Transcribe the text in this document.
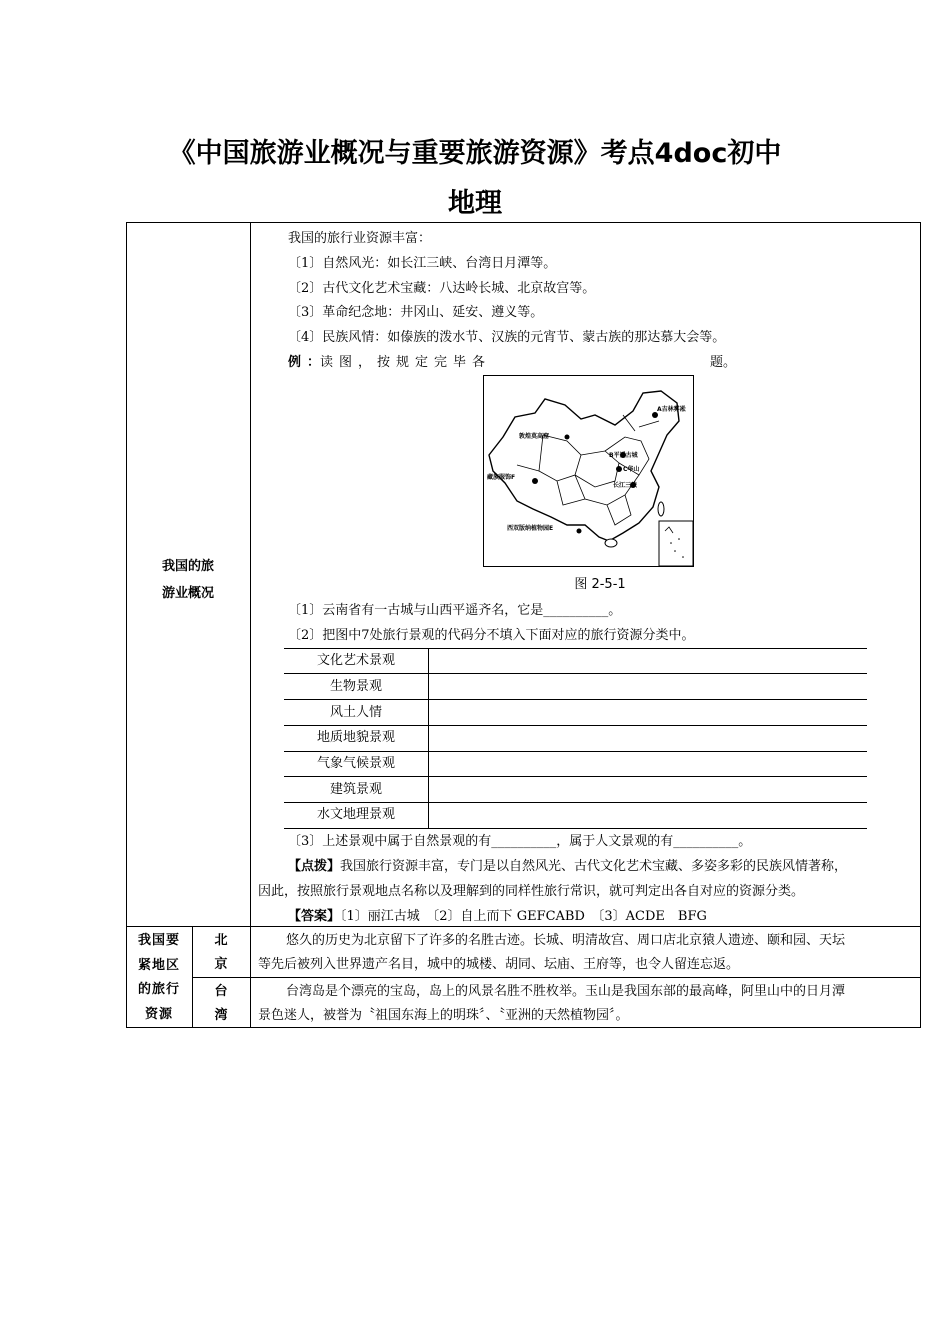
《中国旅游业概况与重要旅游资源》考点4doc初中
地理
我国的旅
游业概况
我国的旅行业资源丰富：
〔1〕自然风光：如长江三峡、台湾日月潭等。
〔2〕古代文化艺术宝藏：八达岭长城、北京故宫等。
〔3〕革命纪念地：井冈山、延安、遵义等。
〔4〕民族风情：如傣族的泼水节、汉族的元宵节、蒙古族的那达慕大会等。
例：
读图，按规定完毕各	题。
A吉林雾凇
敦煌莫高窟
B平遥古城
C华山
长江三峡
藏族服饰F
西双版纳植物园E
图 2-5-1
〔1〕云南省有一古城与山西平遥齐名，它是__________。
〔2〕把图中7处旅行景观的代码分不填入下面对应的旅行资源分类中。
文化艺术景观
生物景观
风土人情
地质地貌景观
气象气候景观
建筑景观
水文地理景观
〔3〕上述景观中属于自然景观的有__________，属于人文景观的有__________。
【点拨】我国旅行资源丰富，专门是以自然风光、古代文化艺术宝藏、多姿多彩的民族风情著称，
因此，按照旅行景观地点名称以及理解到的同样性旅行常识，就可判定出各自对应的资源分类。
【答案】〔1〕丽江古城　〔2〕自上而下 GEFCABD　〔3〕ACDE　BFG
我国要
紧地区
的旅行
资源
北
京
台
湾
悠久的历史为北京留下了许多的名胜古迹。长城、明清故宫、周口店北京猿人遗迹、颐和园、天坛
等先后被列入世界遗产名目，城中的城楼、胡同、坛庙、王府等，也令人留连忘返。
台湾岛是个漂亮的宝岛，岛上的风景名胜不胜枚举。玉山是我国东部的最高峰，阿里山中的日月潭
景色迷人，被誉为〝祖国东海上的明珠〞、〝亚洲的天然植物园〞。
